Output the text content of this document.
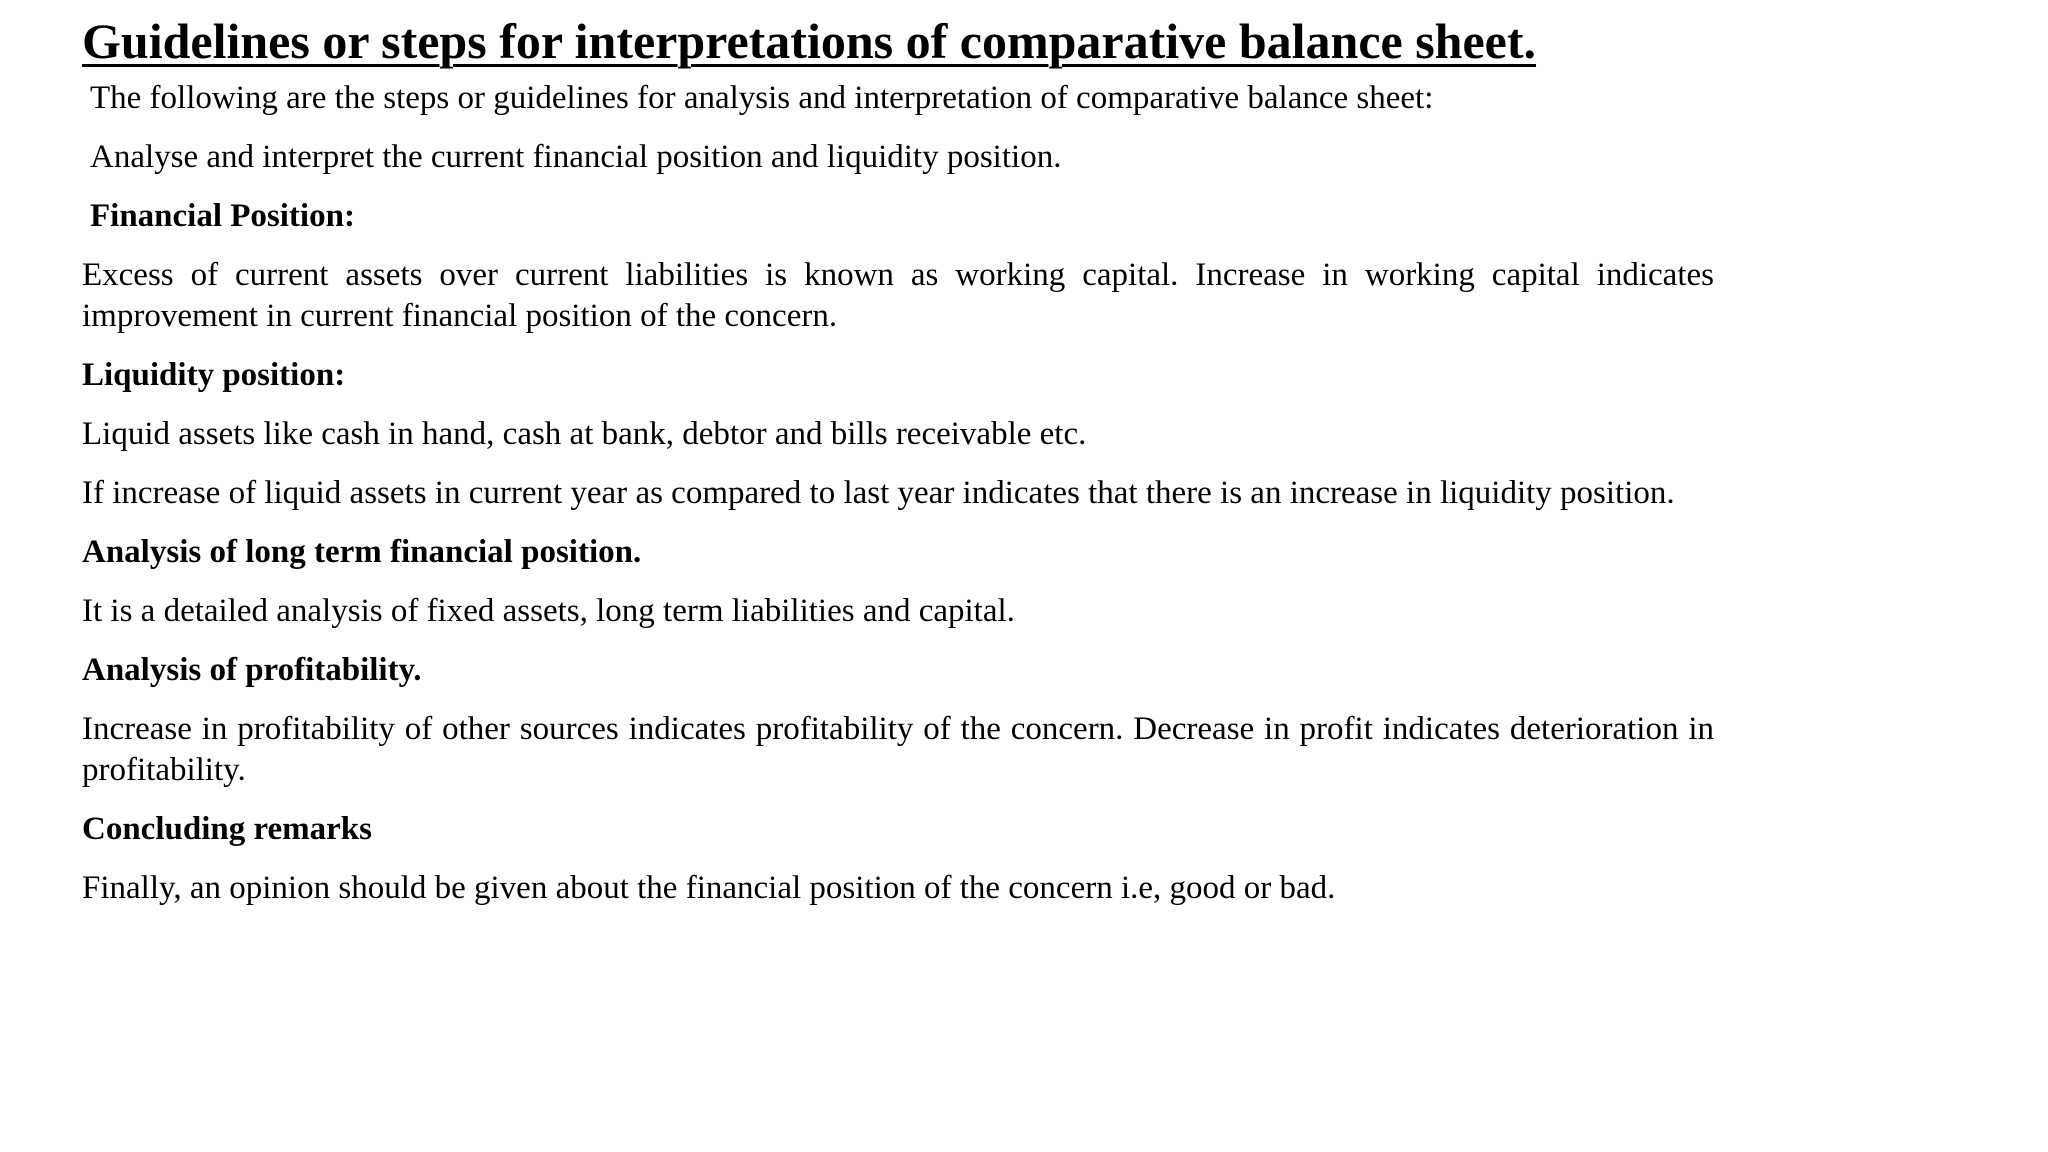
Guidelines or steps for interpretations of comparative balance sheet.

The following are the steps or guidelines for analysis and interpretation of comparative balance sheet:

Analyse and interpret the current financial position and liquidity position.

Financial Position:

Excess of current assets over current liabilities is known as working capital. Increase in working capital indicates improvement in current financial position of the concern.

Liquidity position:

Liquid assets like cash in hand, cash at bank, debtor and bills receivable etc.

If increase of liquid assets in current year as compared to last year indicates that there is an increase in liquidity position.

Analysis of long term financial position.

It is a detailed analysis of fixed assets, long term liabilities and capital.

Analysis of profitability.

Increase in profitability of other sources indicates profitability of the concern. Decrease in profit indicates deterioration in profitability.

Concluding remarks

Finally, an opinion should be given about the financial position of the concern i.e, good or bad.
